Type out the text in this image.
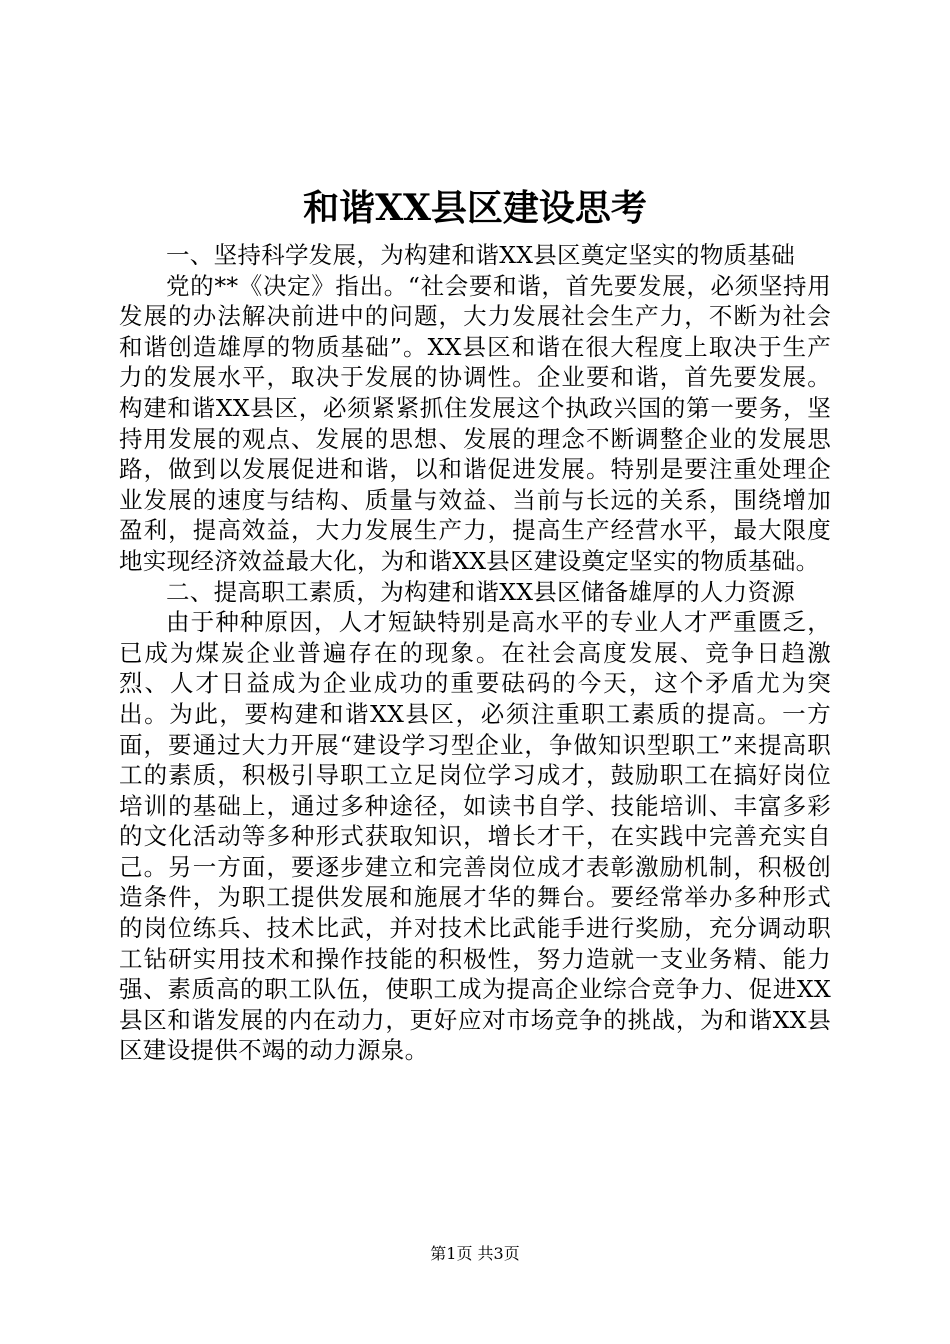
和谐XX县区建设思考

一、坚持科学发展，为构建和谐XX县区奠定坚实的物质基础

党的**《决定》指出。“社会要和谐，首先要发展，必须坚持用发展的办法解决前进中的问题，大力发展社会生产力，不断为社会和谐创造雄厚的物质基础”。XX县区和谐在很大程度上取决于生产力的发展水平，取决于发展的协调性。企业要和谐，首先要发展。构建和谐XX县区，必须紧紧抓住发展这个执政兴国的第一要务，坚持用发展的观点、发展的思想、发展的理念不断调整企业的发展思路，做到以发展促进和谐，以和谐促进发展。特别是要注重处理企业发展的速度与结构、质量与效益、当前与长远的关系，围绕增加盈利，提高效益，大力发展生产力，提高生产经营水平，最大限度地实现经济效益最大化，为和谐XX县区建设奠定坚实的物质基础。

二、提高职工素质，为构建和谐XX县区储备雄厚的人力资源

由于种种原因，人才短缺特别是高水平的专业人才严重匮乏，已成为煤炭企业普遍存在的现象。在社会高度发展、竞争日趋激烈、人才日益成为企业成功的重要砝码的今天，这个矛盾尤为突出。为此，要构建和谐XX县区，必须注重职工素质的提高。一方面，要通过大力开展“建设学习型企业，争做知识型职工”来提高职工的素质，积极引导职工立足岗位学习成才，鼓励职工在搞好岗位培训的基础上，通过多种途径，如读书自学、技能培训、丰富多彩的文化活动等多种形式获取知识，增长才干，在实践中完善充实自己。另一方面，要逐步建立和完善岗位成才表彰激励机制，积极创造条件，为职工提供发展和施展才华的舞台。要经常举办多种形式的岗位练兵、技术比武，并对技术比武能手进行奖励，充分调动职工钻研实用技术和操作技能的积极性，努力造就一支业务精、能力强、素质高的职工队伍，使职工成为提高企业综合竞争力、促进XX县区和谐发展的内在动力，更好应对市场竞争的挑战，为和谐XX县区建设提供不竭的动力源泉。

第1页 共3页
